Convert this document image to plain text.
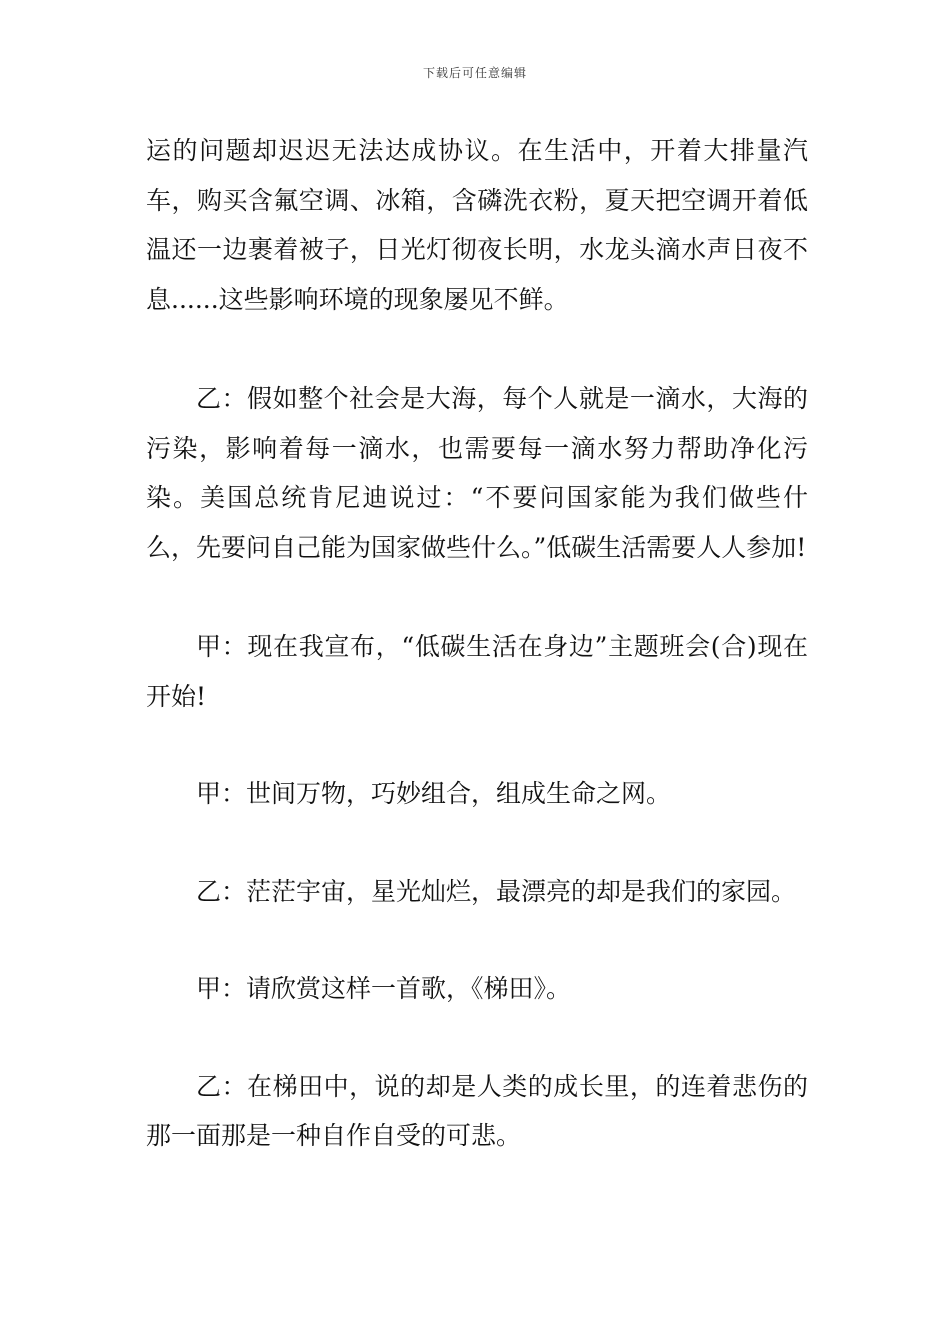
下载后可任意编辑

运的问题却迟迟无法达成协议。在生活中，开着大排量汽车，购买含氟空调、冰箱，含磷洗衣粉，夏天把空调开着低温还一边裹着被子，日光灯彻夜长明，水龙头滴水声日夜不息......这些影响环境的现象屡见不鲜。

乙：假如整个社会是大海，每个人就是一滴水，大海的污染，影响着每一滴水，也需要每一滴水努力帮助净化污染。美国总统肯尼迪说过：“不要问国家能为我们做些什么，先要问自己能为国家做些什么。”低碳生活需要人人参加!

甲：现在我宣布，“低碳生活在身边”主题班会(合)现在开始!

甲：世间万物，巧妙组合，组成生命之网。

乙：茫茫宇宙，星光灿烂，最漂亮的却是我们的家园。

甲：请欣赏这样一首歌，《梯田》。

乙：在梯田中，说的却是人类的成长里，的连着悲伤的那一面那是一种自作自受的可悲。
